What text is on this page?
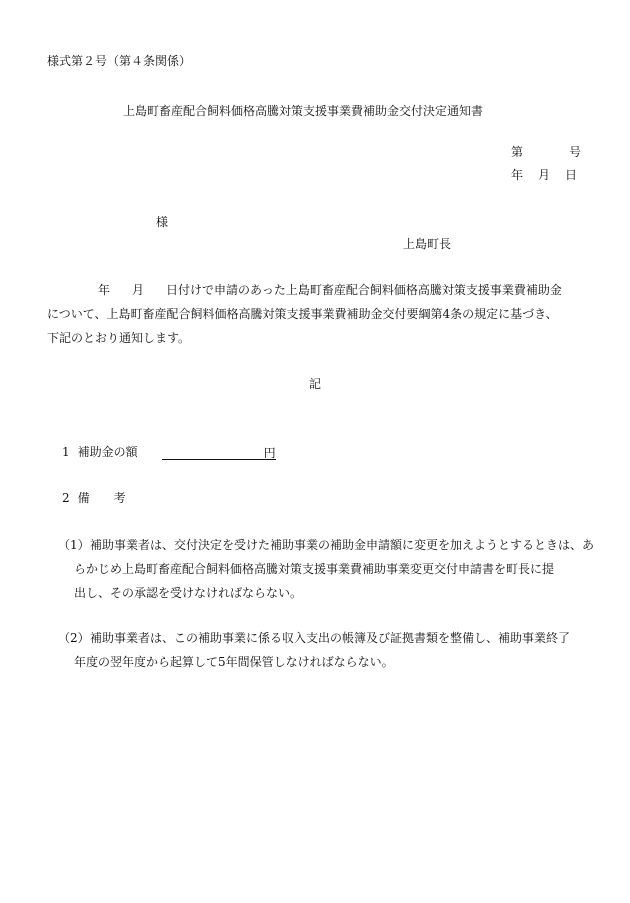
様式第２号（第４条関係）
上島町畜産配合飼料価格高騰対策支援事業費補助金交付決定通知書
第	号
年 月 日
様
上島町長
年 月 日付けで申請のあった上島町畜産配合飼料価格高騰対策支援事業費補助金
について、上島町畜産配合飼料価格高騰対策支援事業費補助金交付要綱第4条の規定に基づき、
下記のとおり通知します。
記
1 補助金の額	円
2 備 考
（1） 補助事業者は、交付決定を受けた補助事業の補助金申請額に変更を加えようとするときは、あ
らかじめ上島町畜産配合飼料価格高騰対策支援事業費補助事業変更交付申請書を町長に提
出し、その承認を受けなければならない。
（2） 補助事業者は、この補助事業に係る収入支出の帳簿及び証拠書類を整備し、補助事業終了
年度の翌年度から起算して5年間保管しなければならない。
